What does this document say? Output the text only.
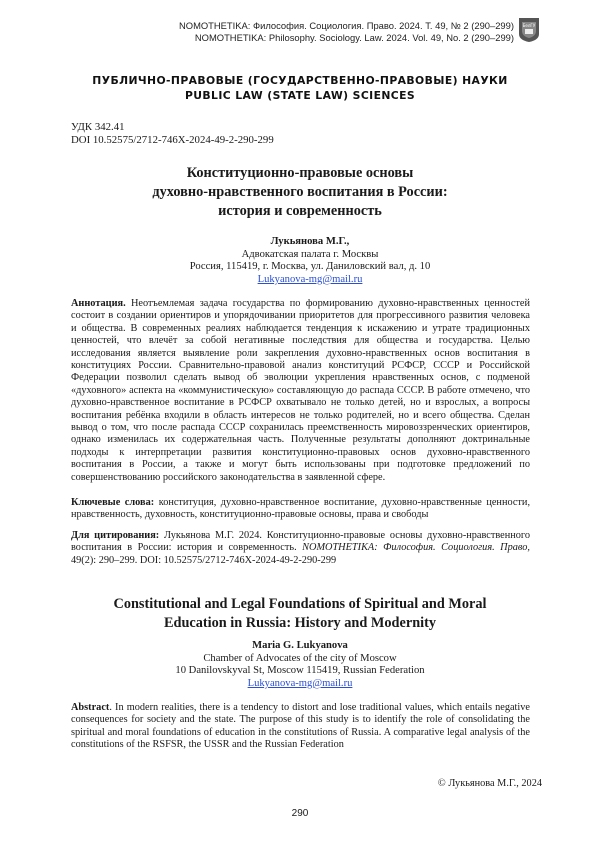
NOMOTHETIKA: Философия. Социология. Право. 2024. Т. 49, № 2 (290–299)
NOMOTHETIKA: Philosophy. Sociology. Law. 2024. Vol. 49, No. 2 (290–299)
БелГУ
ПУБЛИЧНО-ПРАВОВЫЕ (ГОСУДАРСТВЕННО-ПРАВОВЫЕ) НАУКИ
PUBLIC LAW (STATE LAW) SCIENCES
УДК 342.41
DOI 10.52575/2712-746X-2024-49-2-290-299
Конституционно-правовые основы
духовно-нравственного воспитания в России:
история и современность
Лукьянова М.Г.,
Адвокатская палата г. Москвы
Россия, 115419, г. Москва, ул. Даниловский вал, д. 10
Lukyanova-mg@mail.ru
Аннотация. Неотъемлемая задача государства по формированию духовно-нравственных ценностей состоит в создании ориентиров и упорядочивании приоритетов для прогрессивного развития человека и общества. В современных реалиях наблюдается тенденция к искажению и утрате традиционных ценностей, что влечёт за собой негативные последствия для общества и государства. Целью исследования является выявление роли закрепления духовно-нравственных основ воспитания в конституциях России. Сравнительно-правовой анализ конституций РСФСР, СССР и Российской Федерации позволил сделать вывод об эволюции укрепления нравственных основ, с подменой «духовного» аспекта на «коммунистическую» составляющую до распада СССР. В работе отмечено, что духовно-нравственное воспитание в РСФСР охватывало не только детей, но и взрослых, а вопросы воспитания ребёнка входили в область интересов не только родителей, но и всего общества. Сделан вывод о том, что после распада СССР сохранилась преемственность мировоззренческих ориентиров, однако изменилась их содержательная часть. Полученные результаты дополняют доктринальные подходы к интерпретации развития конституционно-правовых основ духовно-нравственного воспитания в России, а также и могут быть использованы при подготовке предложений по совершенствованию российского законодательства в заявленной сфере.
Ключевые слова: конституция, духовно-нравственное воспитание, духовно-нравственные ценности, нравственность, духовность, конституционно-правовые основы, права и свободы
Для цитирования: Лукьянова М.Г. 2024. Конституционно-правовые основы духовно-нравственного воспитания в России: история и современность. NOMOTHETIKA: Философия. Социология. Право, 49(2): 290–299. DOI: 10.52575/2712-746X-2024-49-2-290-299
Constitutional and Legal Foundations of Spiritual and Moral
Education in Russia: History and Modernity
Maria G. Lukyanova
Chamber of Advocates of the city of Moscow
10 Danilovskyval St, Moscow 115419, Russian Federation
Lukyanova-mg@mail.ru
Abstract. In modern realities, there is a tendency to distort and lose traditional values, which entails negative consequences for society and the state. The purpose of this study is to identify the role of consolidating the spiritual and moral foundations of education in the constitutions of Russia. A comparative legal analysis of the constitutions of the RSFSR, the USSR and the Russian Federation
© Лукьянова М.Г., 2024
290
